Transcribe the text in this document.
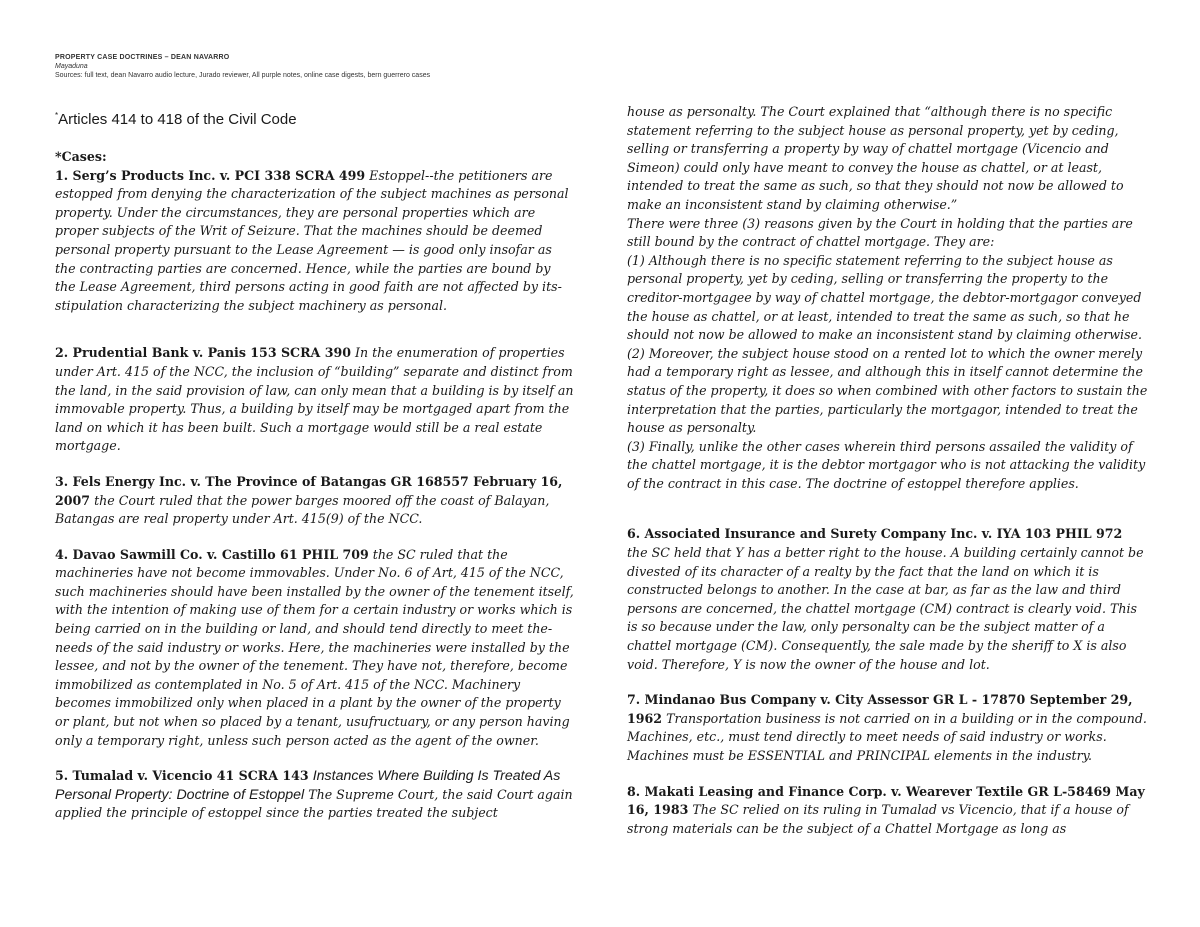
PROPERTY CASE DOCTRINES – DEAN NAVARRO
Mayaduna
Sources: full text, dean Navarro audio lecture, Jurado reviewer, All purple notes, online case digests, bern guerrero cases

*Articles 414 to 418 of the Civil Code

*Cases:

1. Serg’s Products Inc. v. PCI 338 SCRA 499 Estoppel--the petitioners are estopped from denying the characterization of the subject machines as personal property. Under the circumstances, they are personal properties which are proper subjects of the Writ of Seizure. That the machines should be deemed personal property pursuant to the Lease Agreement — is good only insofar as the contracting parties are concerned. Hence, while the parties are bound by the Lease Agreement, third persons acting in good faith are not affected by its-stipulation characterizing the subject machinery as personal.

2. Prudential Bank v. Panis 153 SCRA 390 In the enumeration of properties under Art. 415 of the NCC, the inclusion of “building” separate and distinct from the land, in the said provision of law, can only mean that a building is by itself an immovable property. Thus, a building by itself may be mortgaged apart from the land on which it has been built. Such a mortgage would still be a real estate mortgage.

3. Fels Energy Inc. v. The Province of Batangas GR 168557 February 16, 2007 the Court ruled that the power barges moored off the coast of Balayan, Batangas are real property under Art. 415(9) of the NCC.

4. Davao Sawmill Co. v. Castillo 61 PHIL 709 the SC ruled that the machineries have not become immovables. Under No. 6 of Art, 415 of the NCC, such machineries should have been installed by the owner of the tenement itself, with the intention of making use of them for a certain industry or works which is being carried on in the building or land, and should tend directly to meet the- needs of the said industry or works. Here, the machineries were installed by the lessee, and not by the owner of the tenement. They have not, therefore, become immobilized as contemplated in No. 5 of Art. 415 of the NCC. Machinery becomes immobilized only when placed in a plant by the owner of the property or plant, but not when so placed by a tenant, usufructuary, or any person having only a temporary right, unless such person acted as the agent of the owner.

5. Tumalad v. Vicencio 41 SCRA 143 Instances Where Building Is Treated As Personal Property: Doctrine of Estoppel The Supreme Court, the said Court again applied the principle of estoppel since the parties treated the subject

house as personalty. The Court explained that “although there is no specific statement referring to the subject house as personal property, yet by ceding, selling or transferring a property by way of chattel mortgage (Vicencio and Simeon) could only have meant to convey the house as chattel, or at least, intended to treat the same as such, so that they should not now be allowed to make an inconsistent stand by claiming otherwise.”

There were three (3) reasons given by the Court in holding that the parties are still bound by the contract of chattel mortgage. They are:

(1) Although there is no specific statement referring to the subject house as personal property, yet by ceding, selling or transferring the property to the creditor-mortgagee by way of chattel mortgage, the debtor-mortgagor conveyed the house as chattel, or at least, intended to treat the same as such, so that he should not now be allowed to make an inconsistent stand by claiming otherwise.

(2) Moreover, the subject house stood on a rented lot to which the owner merely had a temporary right as lessee, and although this in itself cannot determine the status of the property, it does so when combined with other factors to sustain the interpretation that the parties, particularly the mortgagor, intended to treat the house as personalty.

(3) Finally, unlike the other cases wherein third persons assailed the validity of the chattel mortgage, it is the debtor mortgagor who is not attacking the validity of the contract in this case. The doctrine of estoppel therefore applies.

6. Associated Insurance and Surety Company Inc. v. IYA 103 PHIL 972
the SC held that Y has a better right to the house. A building certainly cannot be divested of its character of a realty by the fact that the land on which it is constructed belongs to another. In the case at bar, as far as the law and third persons are concerned, the chattel mortgage (CM) contract is clearly void. This is so because under the law, only personalty can be the subject matter of a chattel mortgage (CM). Consequently, the sale made by the sheriff to X is also void. Therefore, Y is now the owner of the house and lot.

7. Mindanao Bus Company v. City Assessor GR L - 17870 September 29, 1962 Transportation business is not carried on in a building or in the compound. Machines, etc., must tend directly to meet needs of said industry or works. Machines must be ESSENTIAL and PRINCIPAL elements in the industry.

8. Makati Leasing and Finance Corp. v. Wearever Textile GR L-58469 May 16, 1983 The SC relied on its ruling in Tumalad vs Vicencio, that if a house of strong materials can be the subject of a Chattel Mortgage as long as
